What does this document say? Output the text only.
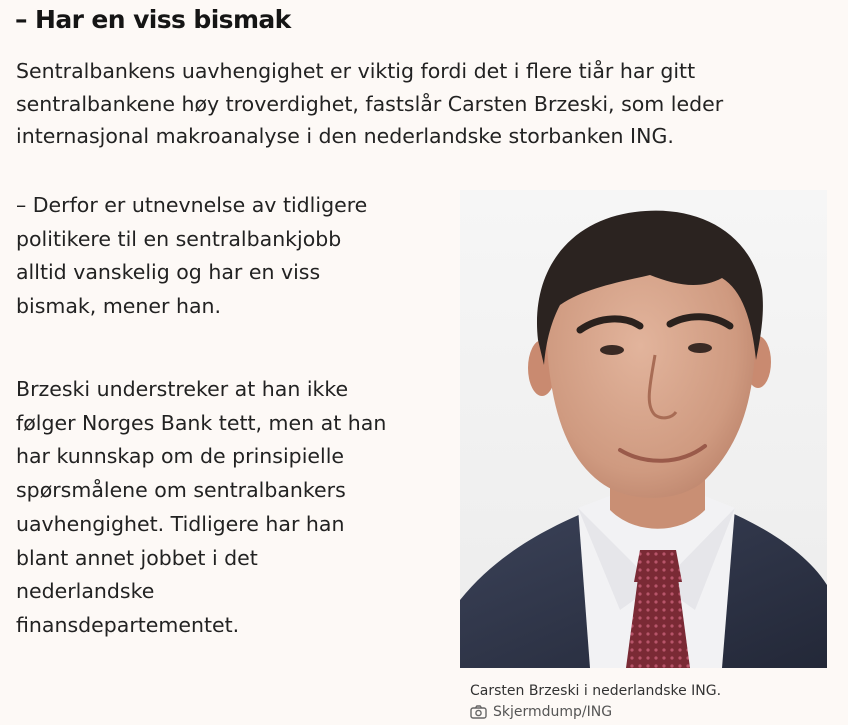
– Har en viss bismak

Sentralbankens uavhengighet er viktig fordi det i flere tiår har gitt sentralbankene høy troverdighet, fastslår Carsten Brzeski, som leder internasjonal makroanalyse i den nederlandske storbanken ING.

– Derfor er utnevnelse av tidligere
politikere til en sentralbankjobb
alltid vanskelig og har en viss
bismak, mener han.

Brzeski understreker at han ikke
følger Norges Bank tett, men at han
har kunnskap om de prinsipielle
spørsmålene om sentralbankers
uavhengighet. Tidligere har han
blant annet jobbet i det
nederlandske
finansdepartementet.

Carsten Brzeski i nederlandske ING.
Skjermdump/ING
